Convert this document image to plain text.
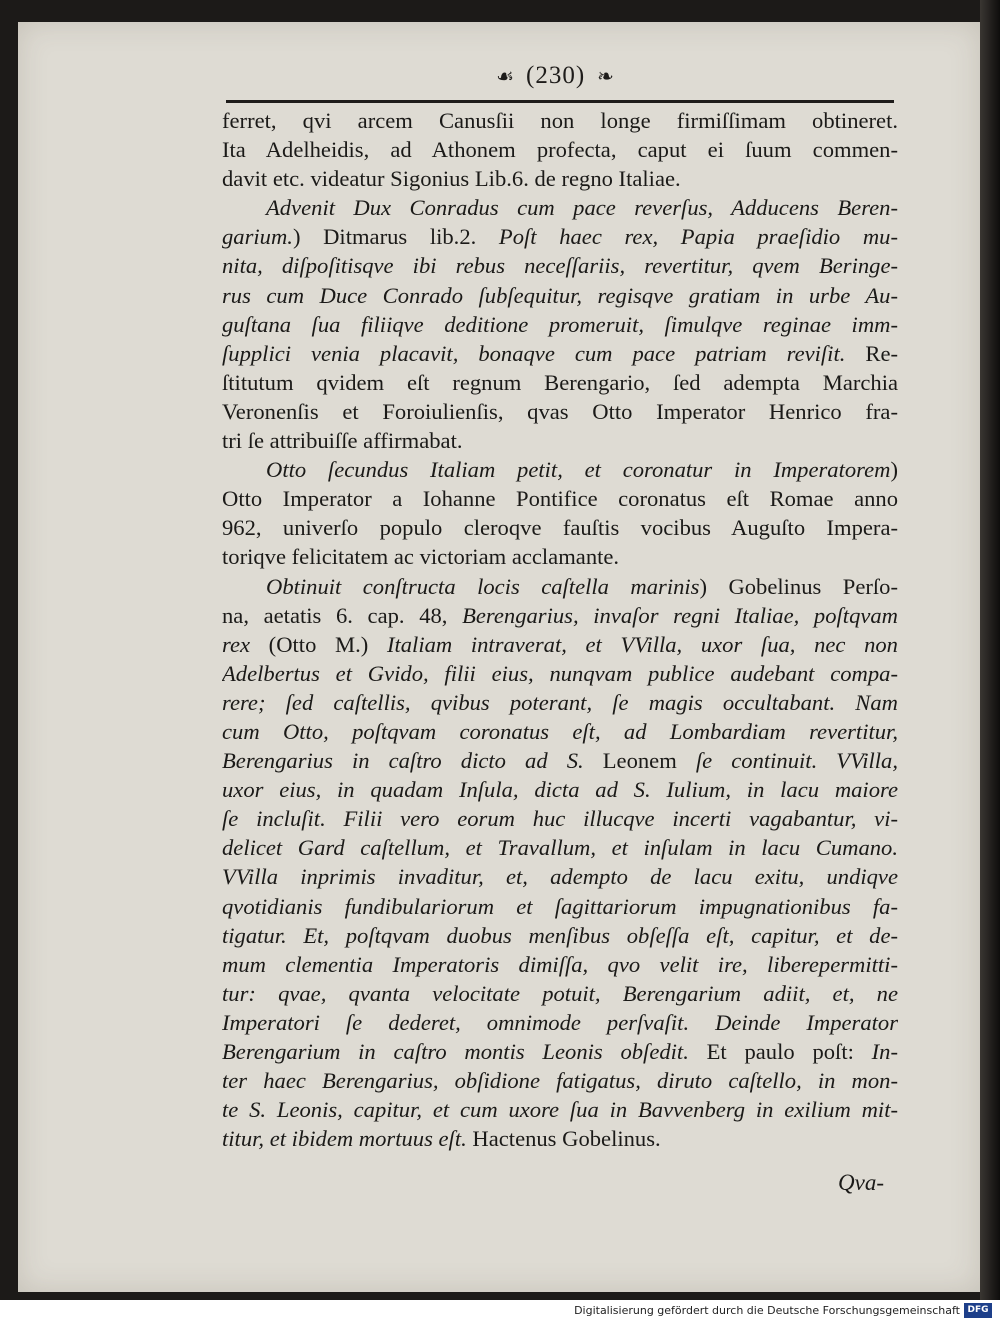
☙ (230) ❧
ferret, qvi arcem Canusſii non longe firmiſſimam obtineret.
Ita Adelheidis, ad Athonem profecta, caput ei ſuum commen-
davit etc. videatur Sigonius Lib.6. de regno Italiae.
Advenit Dux Conradus cum pace reverſus, Adducens Beren-
garium.) Ditmarus lib.2. Poſt haec rex, Papia praeſidio mu-
nita, diſpoſitisqve ibi rebus neceſſariis, revertitur, qvem Beringe-
rus cum Duce Conrado ſubſequitur, regisqve gratiam in urbe Au-
guſtana ſua filiiqve deditione promeruit, ſimulqve reginae imm-
ſupplici venia placavit, bonaqve cum pace patriam reviſit. Re-
ſtitutum qvidem eſt regnum Berengario, ſed adempta Marchia
Veronenſis et Foroiulienſis, qvas Otto Imperator Henrico fra-
tri ſe attribuiſſe affirmabat.
Otto ſecundus Italiam petit, et coronatur in Imperatorem)
Otto Imperator a Iohanne Pontifice coronatus eſt Romae anno
962, univerſo populo cleroqve fauſtis vocibus Auguſto Impera-
toriqve felicitatem ac victoriam acclamante.
Obtinuit conſtructa locis caſtella marinis) Gobelinus Perſo-
na, aetatis 6. cap. 48, Berengarius, invaſor regni Italiae, poſtqvam
rex (Otto M.) Italiam intraverat, et VVilla, uxor ſua, nec non
Adelbertus et Gvido, filii eius, nunqvam publice audebant compa-
rere; ſed caſtellis, qvibus poterant, ſe magis occultabant. Nam
cum Otto, poſtqvam coronatus eſt, ad Lombardiam revertitur,
Berengarius in caſtro dicto ad S. Leonem ſe continuit. VVilla,
uxor eius, in quadam Inſula, dicta ad S. Iulium, in lacu maiore
ſe incluſit. Filii vero eorum huc illucqve incerti vagabantur, vi-
delicet Gard caſtellum, et Travallum, et inſulam in lacu Cumano.
VVilla inprimis invaditur, et, adempto de lacu exitu, undiqve
qvotidianis fundibulariorum et ſagittariorum impugnationibus fa-
tigatur. Et, poſtqvam duobus menſibus obſeſſa eſt, capitur, et de-
mum clementia Imperatoris dimiſſa, qvo velit ire, liberepermitti-
tur: qvae, qvanta velocitate potuit, Berengarium adiit, et, ne
Imperatori ſe dederet, omnimode perſvaſit. Deinde Imperator
Berengarium in caſtro montis Leonis obſedit. Et paulo poſt: In-
ter haec Berengarius, obſidione fatigatus, diruto caſtello, in mon-
te S. Leonis, capitur, et cum uxore ſua in Bavvenberg in exilium mit-
titur, et ibidem mortuus eſt. Hactenus Gobelinus.
Qva-
Digitalisierung gefördert durch die Deutsche Forschungsgemeinschaft DFG
